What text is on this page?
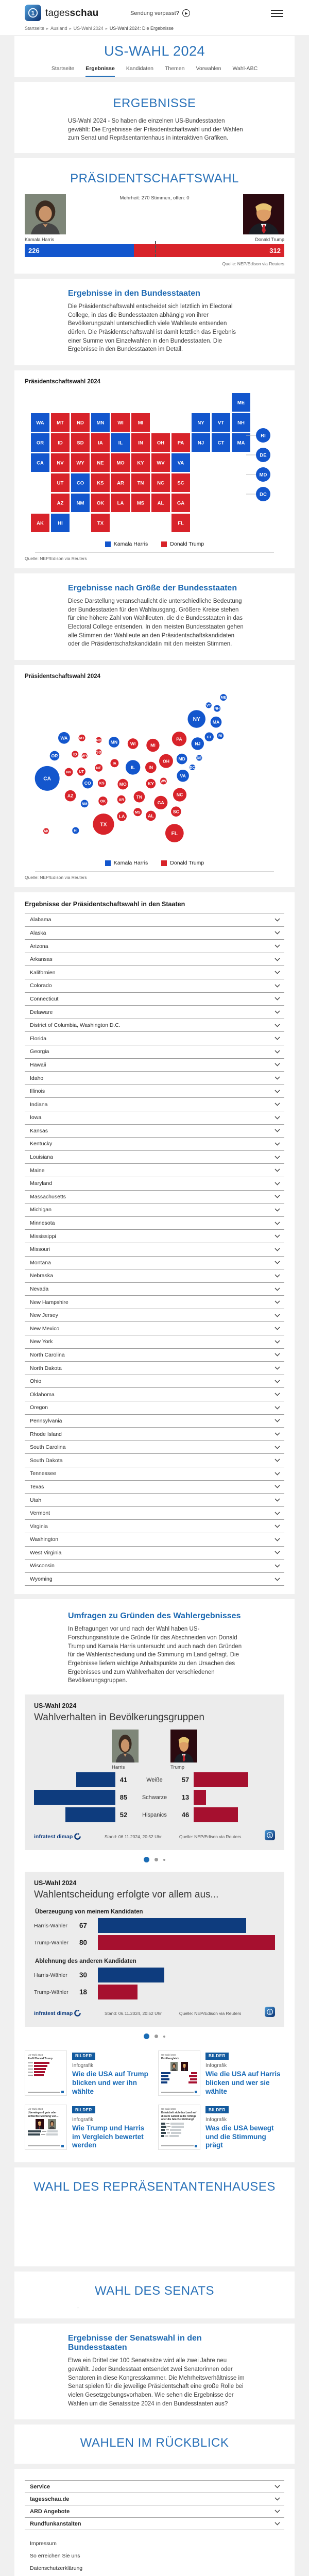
1 tagesschau	Sendung verpasst?	▶
Startseite ▸ Ausland ▸ US-Wahl 2024 ▸ US-Wahl 2024: Die Ergebnisse
US-WAHL 2024
Startseite Ergebnisse Kandidaten Themen Vorwahlen Wahl-ABC
ERGEBNISSE

US-Wahl 2024 - So haben die einzelnen US-Bundesstaaten gewählt: Die Ergebnisse der Präsidentschaftswahl und der Wahlen zum Senat und Repräsentantenhaus in interaktiven Grafiken.

PRÄSIDENTSCHAFTSWAHL
Mehrheit: 270 Stimmen, offen: 0
Kamala Harris	Donald Trump
226	312
Quelle: NEP/Edison via Reuters
Ergebnisse in den Bundesstaaten

Die Präsidentschaftswahl entscheidet sich letztlich im Electoral College, in das die Bundesstaaten abhängig von ihrer Bevölkerungszahl unterschiedlich viele Wahlleute entsenden dürfen. Die Präsidentschaftswahl ist damit letztlich das Ergebnis einer Summe von Einzelwahlen in den Bundesstaaten. Die Ergebnisse in den Bundesstaaten im Detail.

Präsidentschaftswahl 2024
ME
WA	MT	ND	MN	WI	MI	NY	VT	NH
OR	ID	SD	IA	IL	IN	OH	PA	NJ	CT	MA
CA	NV	WY	NE	MO	KY	WV	VA
UT	CO	KS	AR	TN	NC	SC
AZ	NM	OK	LA	MS	AL	GA
AK	HI	TX	FL
RI
DE
MD
DC
Kamala Harris	Donald Trump
Quelle: NEP/Edison via Reuters
Ergebnisse nach Größe der Bundesstaaten

Diese Darstellung veranschaulicht die unterschiedliche Bedeutung der Bundesstaaten für den Wahlausgang. Größere Kreise stehen für eine höhere Zahl von Wahlleuten, die die Bundesstaaten in das Electoral College entsenden. In den meisten Bundesstaaten gehen alle Stimmen der Wahlleute an den Präsidentschaftskandidaten oder die Präsidentschaftskandidatin mit den meisten Stimmen.

Präsidentschaftswahl 2024
AK
AL
AR
AZ
CA
CO
CT
DC
DE
FL
GA
HI
IA
ID
IL	IN
KS	KY
LA
MA
MD
ME
MI
MN
MO
MS
MT
NC
ND
NE
NH
NJ
NM
NV
NY
OH
OK
OR
PA
RI
SC
SD
TN
TX
UT
VA
VT
WA
WI
WV
WY
Kamala Harris	Donald Trump
Quelle: NEP/Edison via Reuters
Ergebnisse der Präsidentschaftswahl in den Staaten
Alabama
Alaska
Arizona
Arkansas
Kalifornien
Colorado
Connecticut
Delaware
District of Columbia, Washington D.C.
Florida
Georgia
Hawaii
Idaho
Illinois
Indiana
Iowa
Kansas
Kentucky
Louisiana
Maine
Maryland
Massachusetts
Michigan
Minnesota
Mississippi
Missouri
Montana
Nebraska
Nevada
New Hampshire
New Jersey
New Mexico
New York
North Carolina
North Dakota
Ohio
Oklahoma
Oregon
Pennsylvania
Rhode Island
South Carolina
South Dakota
Tennessee
Texas
Utah
Vermont
Virginia
Washington
West Virginia
Wisconsin
Wyoming
Umfragen zu Gründen des Wahlergebnisses

In Befragungen vor und nach der Wahl haben US-Forschungsinstitute die Gründe für das Abschneiden von Donald Trump und Kamala Harris untersucht und auch nach den Gründen für die Wahlentscheidung und die Stimmung im Land gefragt. Die Ergebnisse liefern wichtige Anhaltspunkte zu den Ursachen des Ergebnisses und zum Wahlverhalten der verschiedenen Bevölkerungsgruppen.

US-Wahl 2024
Wahlverhalten in Bevölkerungsgruppen
Harris	Trump
41	Weiße	57
85	Schwarze	13
52	Hispanics	46
infratest dimap	Stand: 06.11.2024, 20:52 Uhr	Quelle: NEP/Edison via Reuters	1
US-Wahl 2024
Wahlentscheidung erfolgte vor allem aus...
Überzeugung von meinem Kandidaten
Harris-Wähler	67
Trump-Wähler	80
Ablehnung des anderen Kandidaten
Harris-Wähler	30
Trump-Wähler	18
infratest dimap	Stand: 06.11.2024, 20:52 Uhr	Quelle: NEP/Edison via Reuters	1
US-Wahl 2024
Profil Donald Trump
BILDER
Infografik
Wie die USA auf Trump blicken und wer ihn wählte
US-Wahl 2024
Profilvergleich
BILDER
Infografik
Wie die USA auf Harris blicken und wer sie wählte
US-Wahl 2024
Überwiegend gute oder schlechte Meinung von...
BILDER
Infografik
Wie Trump und Harris im Vergleich bewertet werden
US-Wahl 2024
Entwickelt sich das Land auf diesem Gebiet in die richtige oder die falsche Richtung?
BILDER
Infografik
Was die USA bewegt und die Stimmung prägt
WAHL DES REPRÄSENTANTENHAUSES
WAHL DES SENATS
,
Ergebnisse der Senatswahl in den Bundesstaaten

Etwa ein Drittel der 100 Senatssitze wird alle zwei Jahre neu gewählt. Jeder Bundesstaat entsendet zwei Senatorinnen oder Senatoren in diese Kongresskammer. Die Mehrheitsverhältnisse im Senat spielen für die jeweilige Präsidentschaft eine große Rolle bei vielen Gesetzgebungsvorhaben. Wie sehen die Ergebnisse der Wahlen um die Senatssitze 2024 in den Bundesstaaten aus?

WAHLEN IM RÜCKBLICK
Service
tagesschau.de
ARD Angebote
Rundfunkanstalten
Impressum
So erreichen Sie uns
Datenschutzerklärung
